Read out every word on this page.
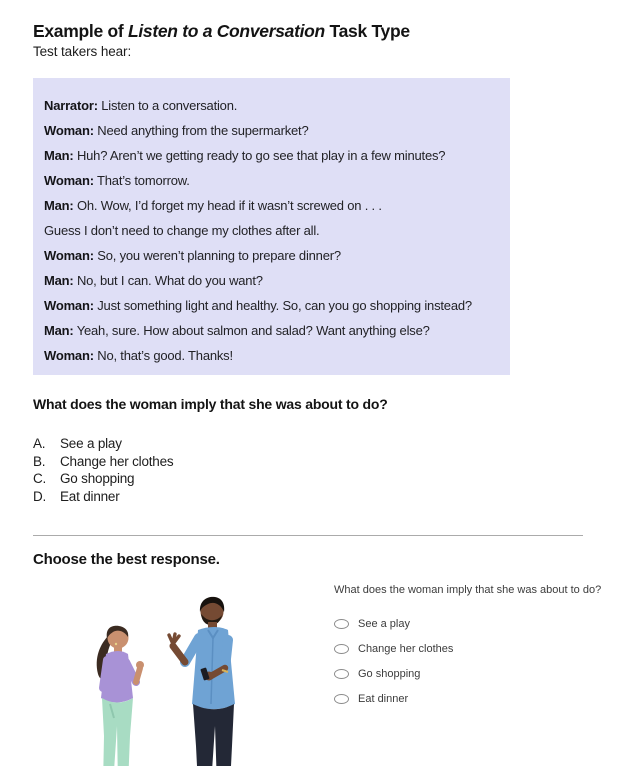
Example of Listen to a Conversation Task Type
Test takers hear:
Narrator: Listen to a conversation.
Woman: Need anything from the supermarket?
Man: Huh? Aren’t we getting ready to go see that play in a few minutes?
Woman: That’s tomorrow.
Man: Oh. Wow, I’d forget my head if it wasn’t screwed on . . .
Guess I don’t need to change my clothes after all.
Woman: So, you weren’t planning to prepare dinner?
Man: No, but I can. What do you want?
Woman: Just something light and healthy. So, can you go shopping instead?
Man: Yeah, sure. How about salmon and salad? Want anything else?
Woman: No, that’s good. Thanks!
What does the woman imply that she was about to do?
A.	See a play
B.	Change her clothes
C.	Go shopping
D.	Eat dinner
Choose the best response.
What does the woman imply that she was about to do?
See a play
Change her clothes
Go shopping
Eat dinner
